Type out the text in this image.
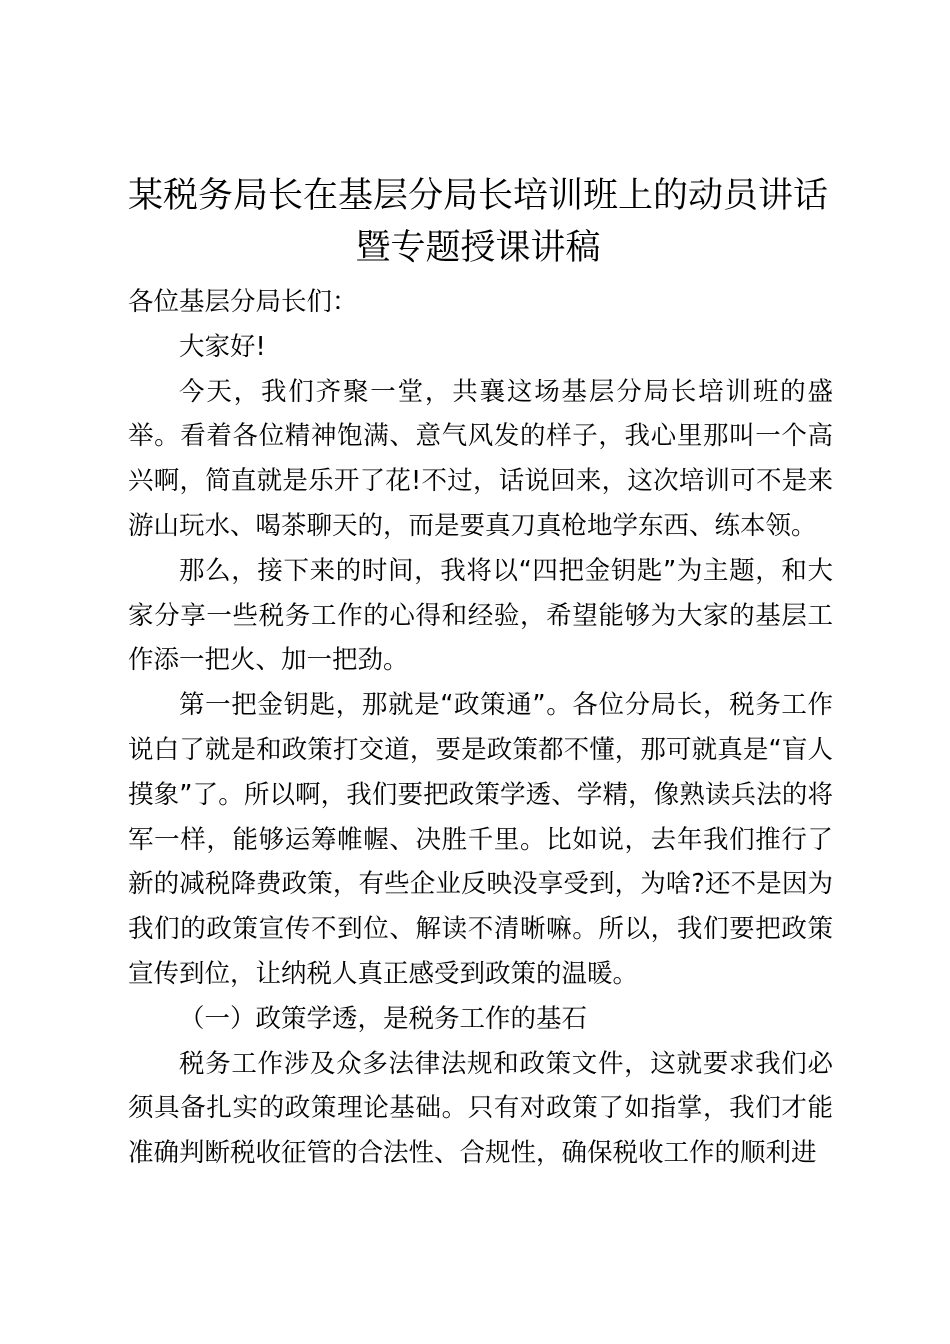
某税务局长在基层分局长培训班上的动员讲话
暨专题授课讲稿

各位基层分局长们：

大家好!

今天，我们齐聚一堂，共襄这场基层分局长培训班的盛举。看着各位精神饱满、意气风发的样子，我心里那叫一个高兴啊，简直就是乐开了花!不过，话说回来，这次培训可不是来游山玩水、喝茶聊天的，而是要真刀真枪地学东西、练本领。

那么，接下来的时间，我将以“四把金钥匙”为主题，和大家分享一些税务工作的心得和经验，希望能够为大家的基层工作添一把火、加一把劲。

第一把金钥匙，那就是“政策通”。各位分局长，税务工作说白了就是和政策打交道，要是政策都不懂，那可就真是“盲人摸象”了。所以啊，我们要把政策学透、学精，像熟读兵法的将军一样，能够运筹帷幄、决胜千里。比如说，去年我们推行了新的减税降费政策，有些企业反映没享受到，为啥?还不是因为我们的政策宣传不到位、解读不清晰嘛。所以，我们要把政策宣传到位，让纳税人真正感受到政策的温暖。

（一）政策学透，是税务工作的基石

税务工作涉及众多法律法规和政策文件，这就要求我们必须具备扎实的政策理论基础。只有对政策了如指掌，我们才能准确判断税收征管的合法性、合规性，确保税收工作的顺利进
